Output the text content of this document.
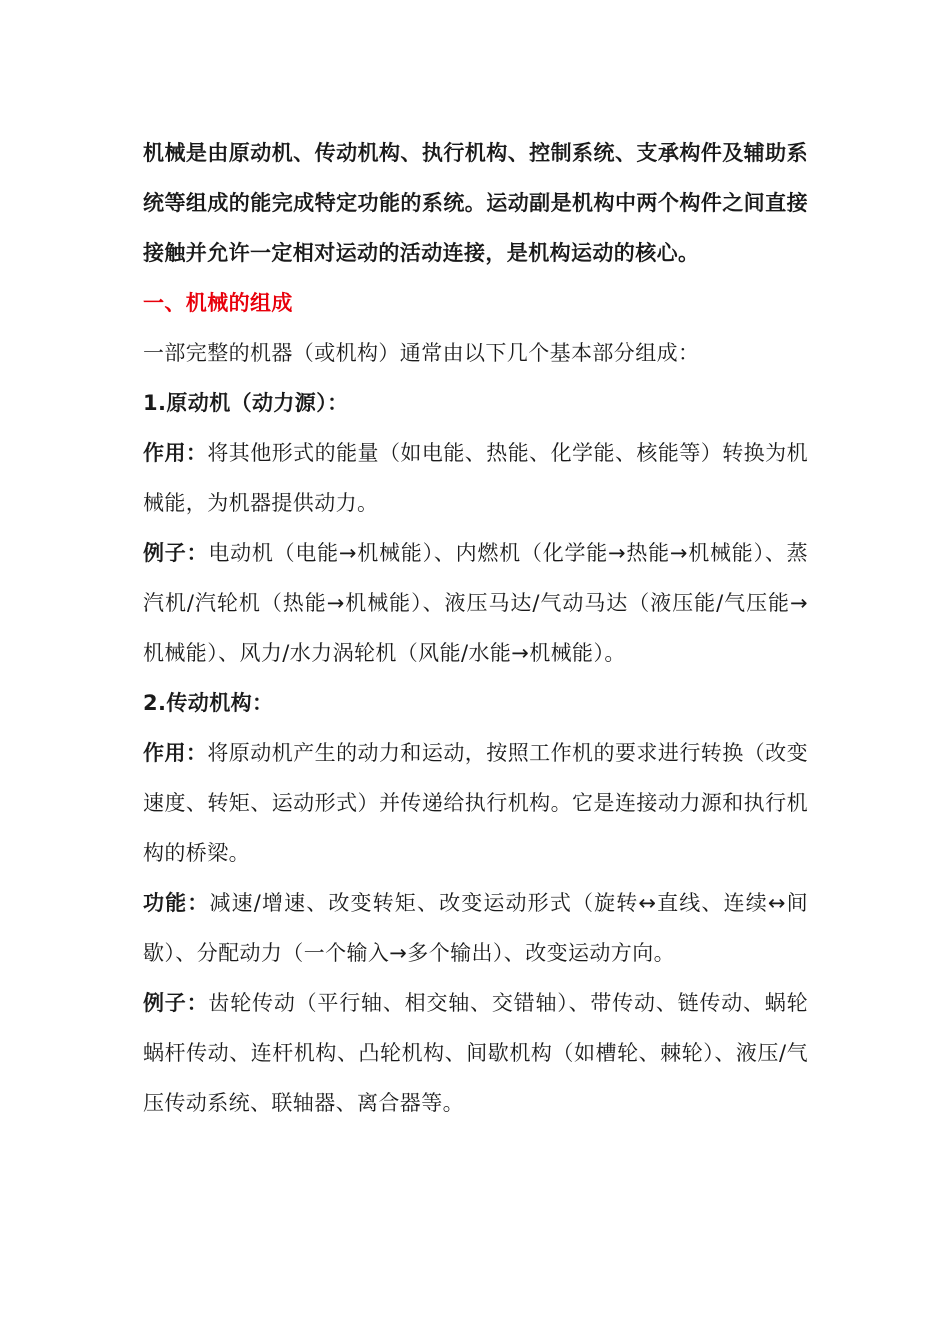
机械是由原动机、传动机构、执行机构、控制系统、支承构件及辅助系统等组成的能完成特定功能的系统。运动副是机构中两个构件之间直接接触并允许一定相对运动的活动连接，是机构运动的核心。

一、机械的组成

一部完整的机器（或机构）通常由以下几个基本部分组成：

1.原动机（动力源）：

作用：将其他形式的能量（如电能、热能、化学能、核能等）转换为机械能，为机器提供动力。

例子：电动机（电能→机械能）、内燃机（化学能→热能→机械能）、蒸汽机/汽轮机（热能→机械能）、液压马达/气动马达（液压能/气压能→机械能）、风力/水力涡轮机（风能/水能→机械能）。

2.传动机构：

作用：将原动机产生的动力和运动，按照工作机的要求进行转换（改变速度、转矩、运动形式）并传递给执行机构。它是连接动力源和执行机构的桥梁。

功能：减速/增速、改变转矩、改变运动形式（旋转↔直线、连续↔间歇）、分配动力（一个输入→多个输出）、改变运动方向。

例子：齿轮传动（平行轴、相交轴、交错轴）、带传动、链传动、蜗轮蜗杆传动、连杆机构、凸轮机构、间歇机构（如槽轮、棘轮）、液压/气压传动系统、联轴器、离合器等。
